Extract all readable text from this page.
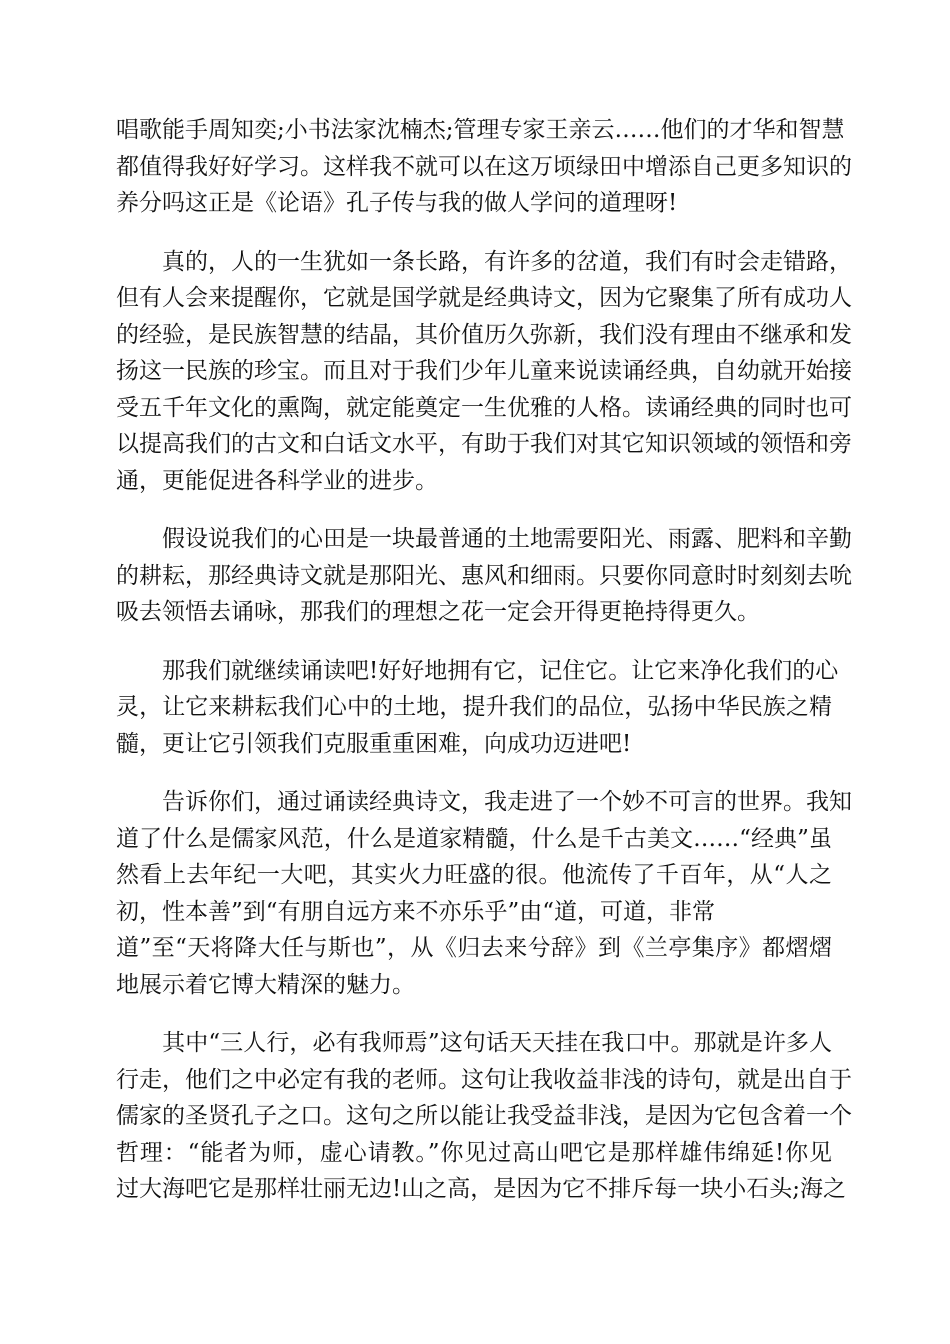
唱歌能手周知奕;小书法家沈楠杰;管理专家王亲云……他们的才华和智慧
都值得我好好学习。这样我不就可以在这万顷绿田中增添自己更多知识的
养分吗这正是《论语》孔子传与我的做人学问的道理呀!
　　真的，人的一生犹如一条长路，有许多的岔道，我们有时会走错路，
但有人会来提醒你，它就是国学就是经典诗文，因为它聚集了所有成功人
的经验，是民族智慧的结晶，其价值历久弥新，我们没有理由不继承和发
扬这一民族的珍宝。而且对于我们少年儿童来说读诵经典，自幼就开始接
受五千年文化的熏陶，就定能奠定一生优雅的人格。读诵经典的同时也可
以提高我们的古文和白话文水平，有助于我们对其它知识领域的领悟和旁
通，更能促进各科学业的进步。
　　假设说我们的心田是一块最普通的土地需要阳光、雨露、肥料和辛勤
的耕耘，那经典诗文就是那阳光、惠风和细雨。只要你同意时时刻刻去吮
吸去领悟去诵咏，那我们的理想之花一定会开得更艳持得更久。
　　那我们就继续诵读吧!好好地拥有它，记住它。让它来净化我们的心
灵，让它来耕耘我们心中的土地，提升我们的品位，弘扬中华民族之精
髓，更让它引领我们克服重重困难，向成功迈进吧!
　　告诉你们，通过诵读经典诗文，我走进了一个妙不可言的世界。我知
道了什么是儒家风范，什么是道家精髓，什么是千古美文……“经典”虽
然看上去年纪一大吧，其实火力旺盛的很。他流传了千百年，从“人之
初，性本善”到“有朋自远方来不亦乐乎”由“道，可道，非常
道”至“天将降大任与斯也”，从《归去来兮辞》到《兰亭集序》都熠熠
地展示着它博大精深的魅力。
　　其中“三人行，必有我师焉”这句话天天挂在我口中。那就是许多人
行走，他们之中必定有我的老师。这句让我收益非浅的诗句，就是出自于
儒家的圣贤孔子之口。这句之所以能让我受益非浅，是因为它包含着一个
哲理：“能者为师，虚心请教。”你见过高山吧它是那样雄伟绵延!你见
过大海吧它是那样壮丽无边!山之高，是因为它不排斥每一块小石头;海之
